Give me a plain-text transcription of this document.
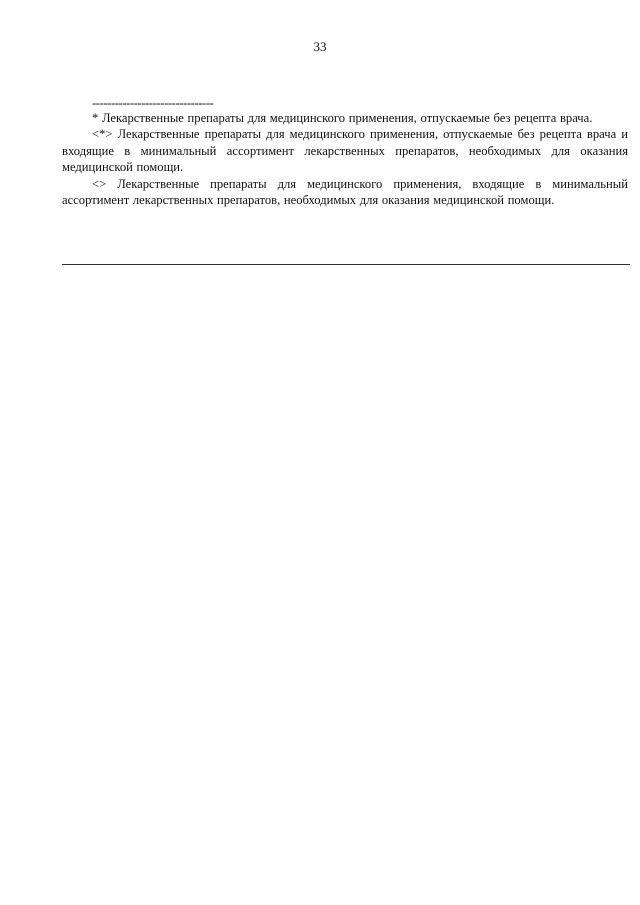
33
--------------------------------

* Лекарственные препараты для медицинского применения, отпускаемые без рецепта врача.

<*> Лекарственные препараты для медицинского применения, отпускаемые без рецепта врача и входящие в минимальный ассортимент лекарственных препаратов, необходимых для оказания медицинской помощи.

<> Лекарственные препараты для медицинского применения, входящие в минимальный ассортимент лекарственных препаратов, необходимых для оказания медицинской помощи.
